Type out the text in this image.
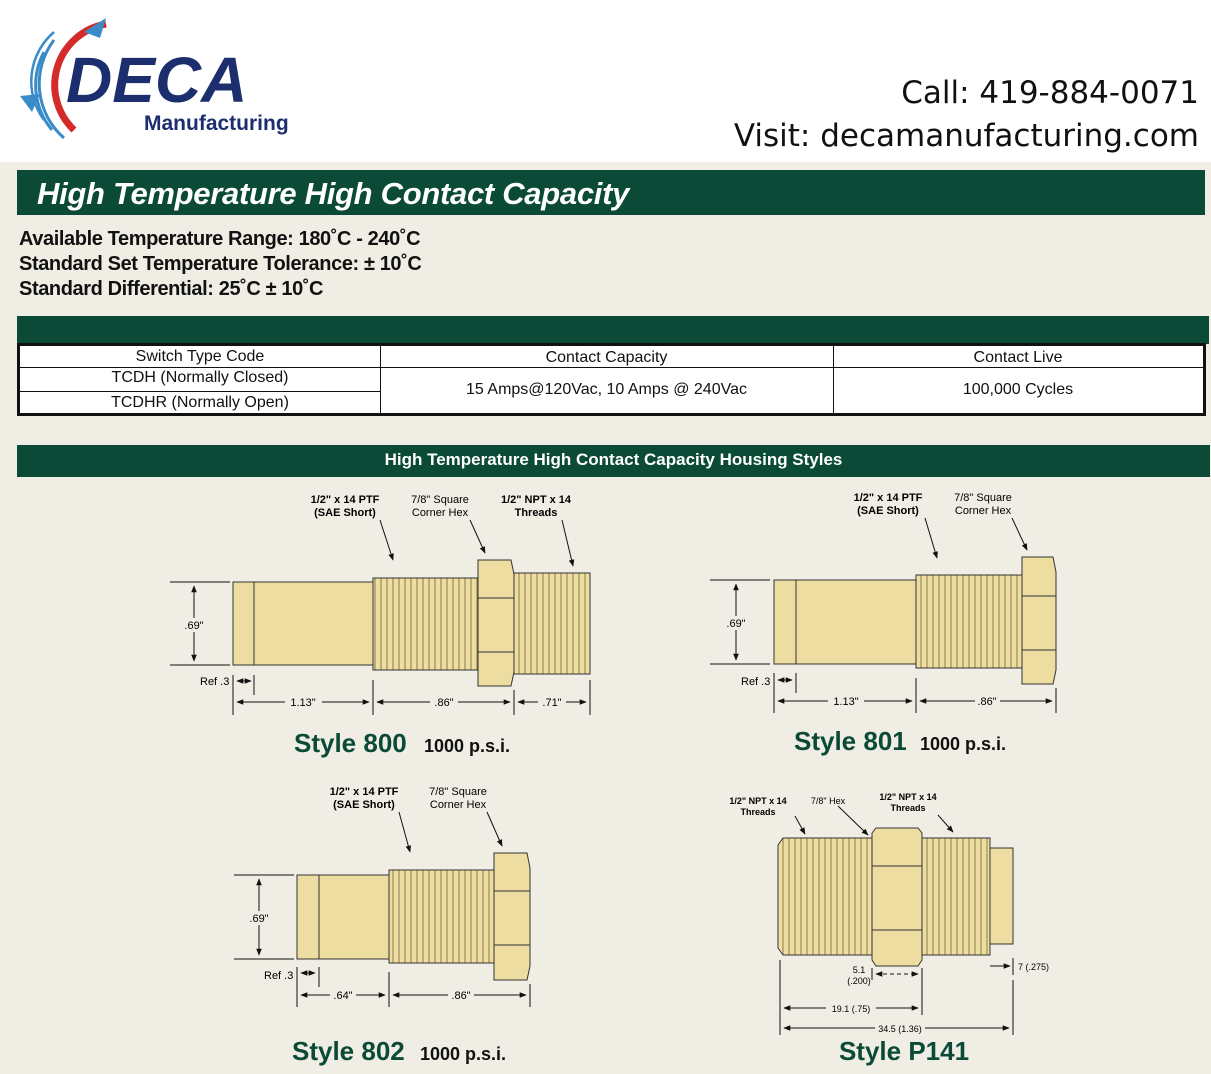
DECA
Manufacturing
Call: 419-884-0071
Visit: decamanufacturing.com
High Temperature High Contact Capacity
Available Temperature Range: 180˚C - 240˚C
Standard Set Temperature Tolerance: ± 10˚C
Standard Differential: 25˚C ± 10˚C
Switch Type Code	Contact Capacity	Contact Live
TCDH (Normally Closed)
TCDHR (Normally Open)
15 Amps@120Vac, 10 Amps @ 240Vac	100,000 Cycles
High Temperature High Contact Capacity Housing Styles
1/2" x 14 PTF
(SAE Short)
7/8" Square
Corner Hex
1/2" NPT x 14
Threads
.69"
Ref .3
1.13"	.86"	.71"
Style 800 1000 p.s.i.
1/2" x 14 PTF
(SAE Short)
7/8" Square
Corner Hex
.69"
Ref .3
1.13"	.86"
Style 801 1000 p.s.i.
1/2" x 14 PTF
(SAE Short)
7/8" Square
Corner Hex
.69"
Ref .3
.64"	.86"
Style 802 1000 p.s.i.
1/2" NPT x 14
Threads
7/8" Hex	1/2" NPT x 14
Threads
5.1
(.200)
7 (.275)
19.1 (.75)
34.5 (1.36)
Style P141
